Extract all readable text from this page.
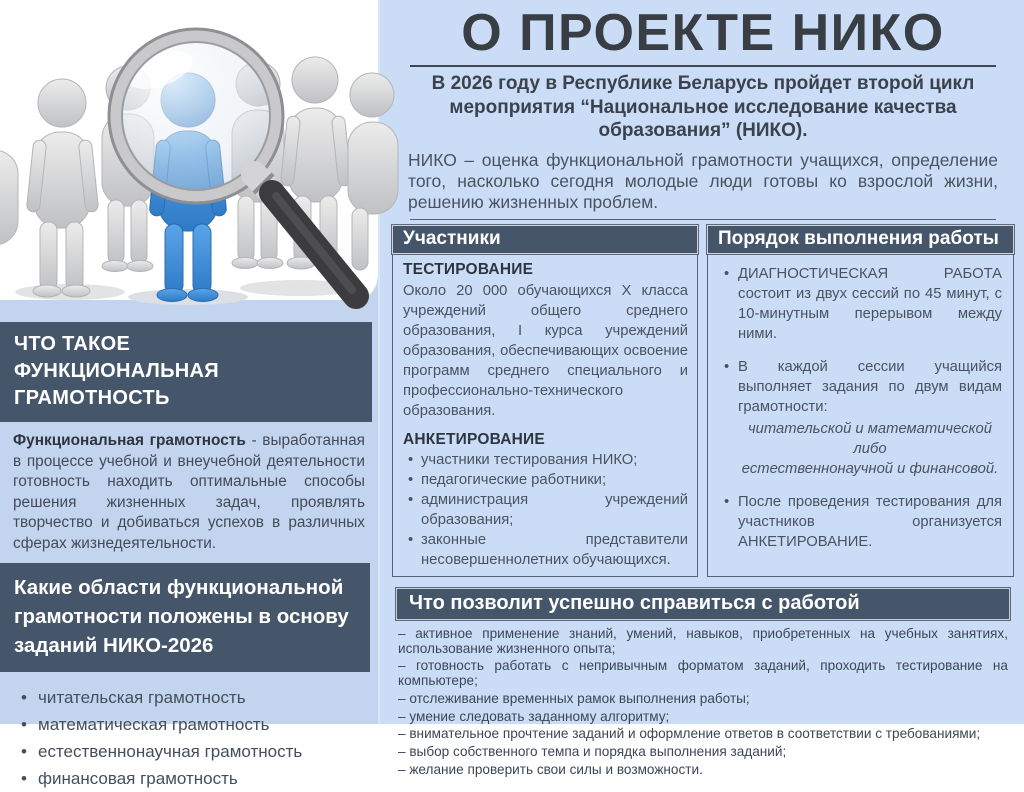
ЧТО ТАКОЕ
ФУНКЦИОНАЛЬНАЯ ГРАМОТНОСТЬ

Функциональная грамотность - выработанная в процессе учебной и внеучебной деятельности готовность находить оптимальные способы решения жизненных задач, проявлять творчество и добиваться успехов в различных сферах жизнедеятельности.

Какие области функциональной грамотности положены в основу заданий НИКО-2026
• читательская грамотность
• математическая грамотность
• естественнонаучная грамотность
• финансовая грамотность
О ПРОЕКТЕ НИКО

В 2026 году в Республике Беларусь пройдет второй цикл мероприятия “Национальное исследование качества образования” (НИКО).

НИКО – оценка функциональной грамотности учащихся, определение того, насколько сегодня молодые люди готовы ко взрослой жизни, решению жизненных проблем.

Участники
ТЕСТИРОВАНИЕ

Около 20 000 обучающихся X класса учреждений общего среднего образования, I курса учреждений образования, обеспечивающих освоение программ среднего специального и профессионально-технического образования.

АНКЕТИРОВАНИЕ
• участники тестирования НИКО;
• педагогические работники;
• администрация учреждений образования;
• законные представители несовершеннолетних обучающихся.
Порядок выполнения работы
• ДИАГНОСТИЧЕСКАЯ РАБОТА состоит из двух сессий по 45 минут, с 10-минутным перерывом между ними.
• В каждой сессии учащийся выполняет задания по двум видам грамотности:
читательской и математической
либо
естественнонаучной и финансовой.
• После проведения тестирования для участников организуется АНКЕТИРОВАНИЕ.
Что позволит успешно справиться с работой

– активное применение знаний, умений, навыков, приобретенных на учебных занятиях, использование жизненного опыта;

– готовность работать с непривычным форматом заданий, проходить тестирование на компьютере;

– отслеживание временных рамок выполнения работы;

– умение следовать заданному алгоритму;

– внимательное прочтение заданий и оформление ответов в соответствии с требованиями;

– выбор собственного темпа и порядка выполнения заданий;

– желание проверить свои силы и возможности.
